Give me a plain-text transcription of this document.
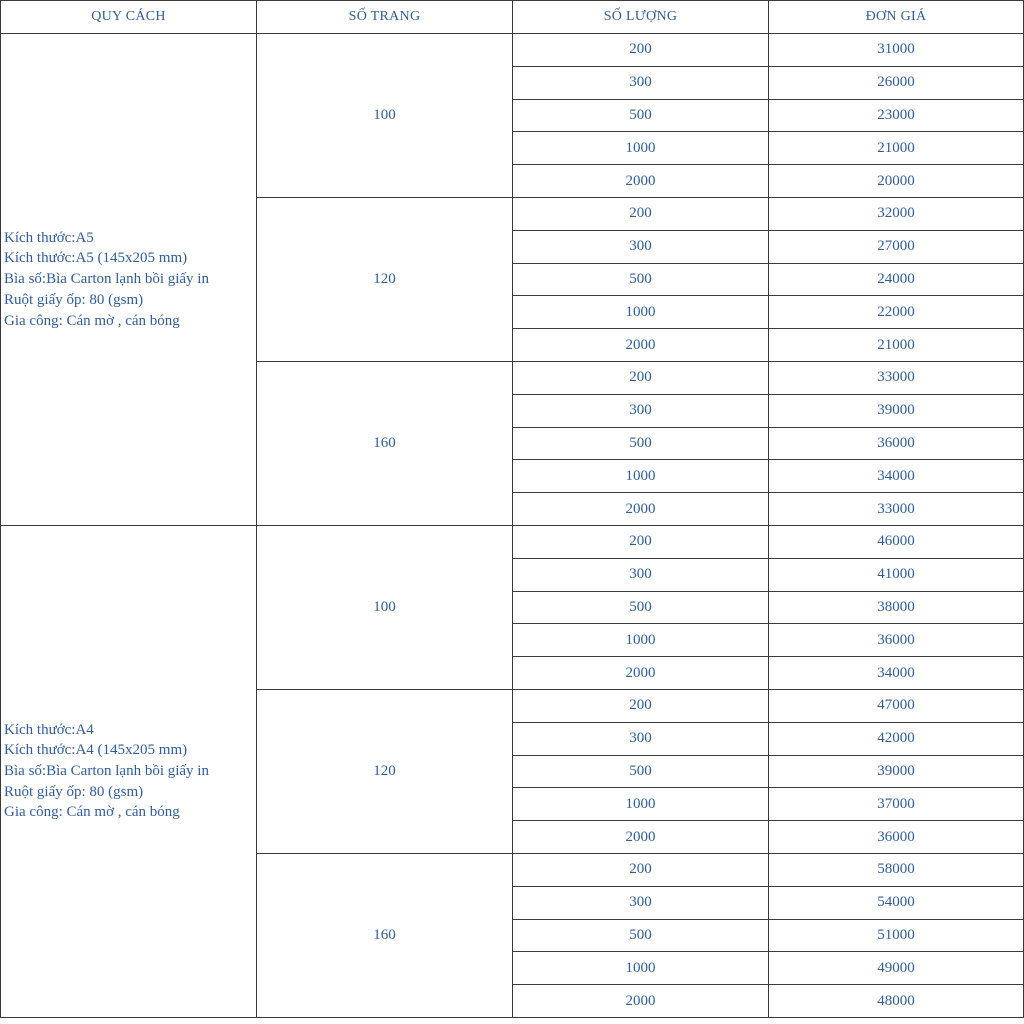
QUY CÁCH	SỐ TRANG	SỐ LƯỢNG	ĐƠN GIÁ

Kích thước:A5
Kích thước:A5 (145x205 mm)
Bìa số:Bìa Carton lạnh bồi giấy in
Ruột giấy ốp: 80 (gsm)
Gia công: Cán mờ , cán bóng	100	200	31000
		300	26000
		500	23000
		1000	21000
		2000	20000
	120	200	32000
		300	27000
		500	24000
		1000	22000
		2000	21000
	160	200	33000
		300	39000
		500	36000
		1000	34000
		2000	33000

Kích thước:A4
Kích thước:A4 (145x205 mm)
Bìa số:Bìa Carton lạnh bồi giấy in
Ruột giấy ốp: 80 (gsm)
Gia công: Cán mờ , cán bóng	100	200	46000
		300	41000
		500	38000
		1000	36000
		2000	34000
	120	200	47000
		300	42000
		500	39000
		1000	37000
		2000	36000
	160	200	58000
		300	54000
		500	51000
		1000	49000
		2000	48000
